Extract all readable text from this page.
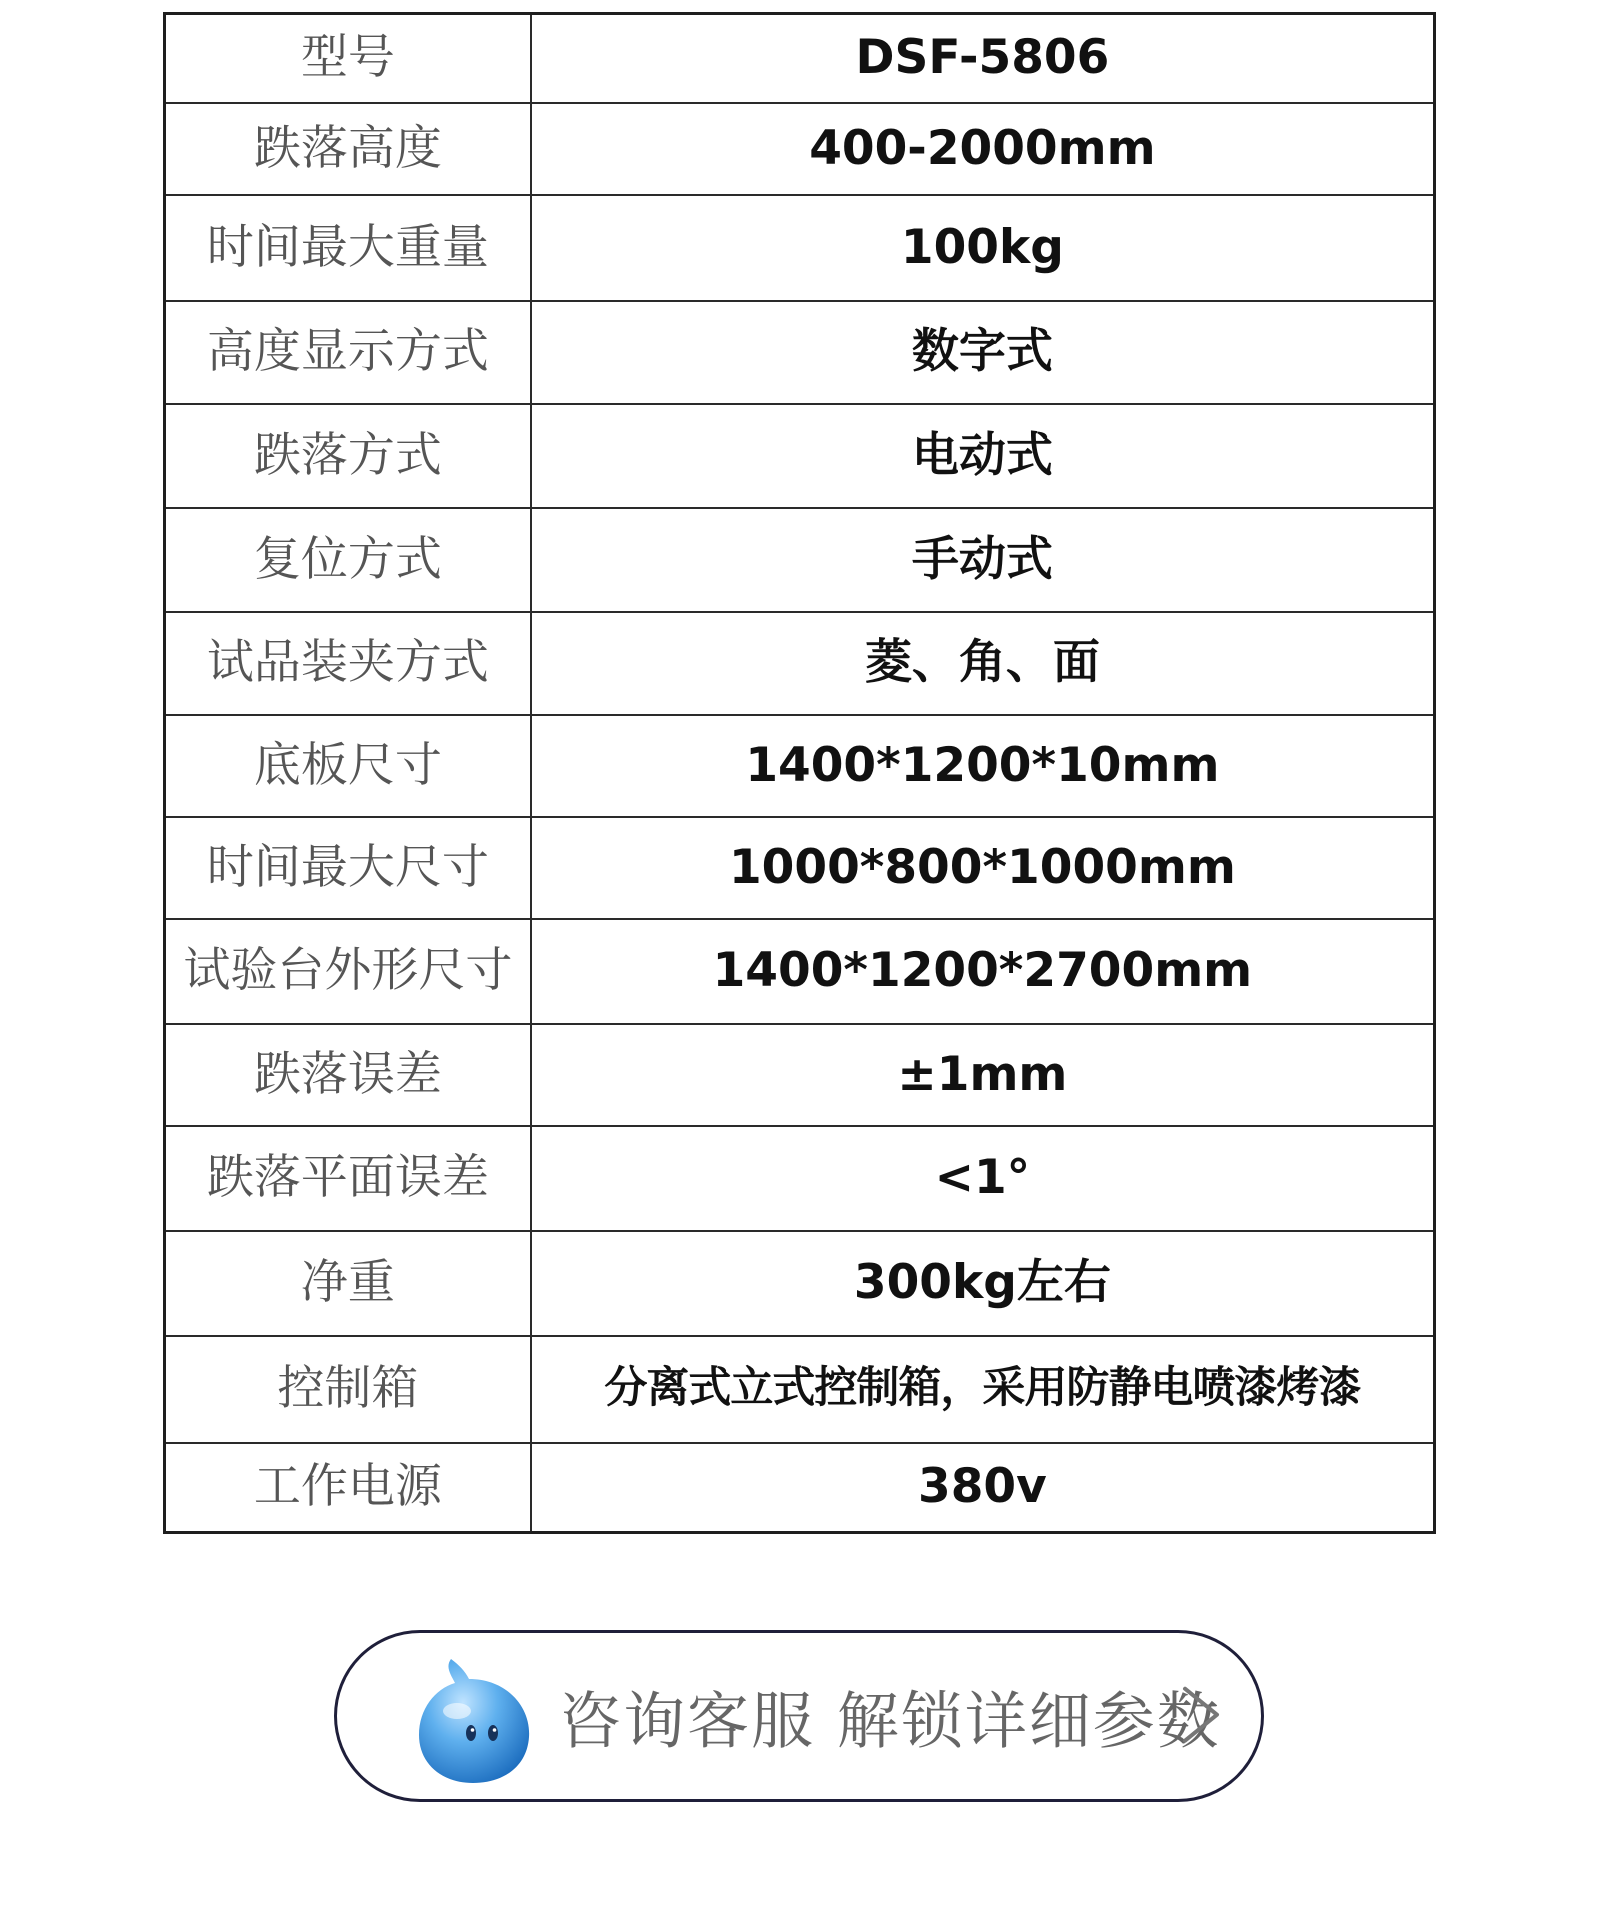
型号	DSF-5806
跌落高度	400-2000mm
时间最大重量	100kg
高度显示方式	数字式
跌落方式	电动式
复位方式	手动式
试品装夹方式	菱、角、面
底板尺寸	1400*1200*10mm
时间最大尺寸	1000*800*1000mm
试验台外形尺寸	1400*1200*2700mm
跌落误差	±1mm
跌落平面误差	<1°
净重	300kg左右
控制箱	分离式立式控制箱，采用防静电喷漆烤漆
工作电源	380v
咨询客服 解锁详细参数
